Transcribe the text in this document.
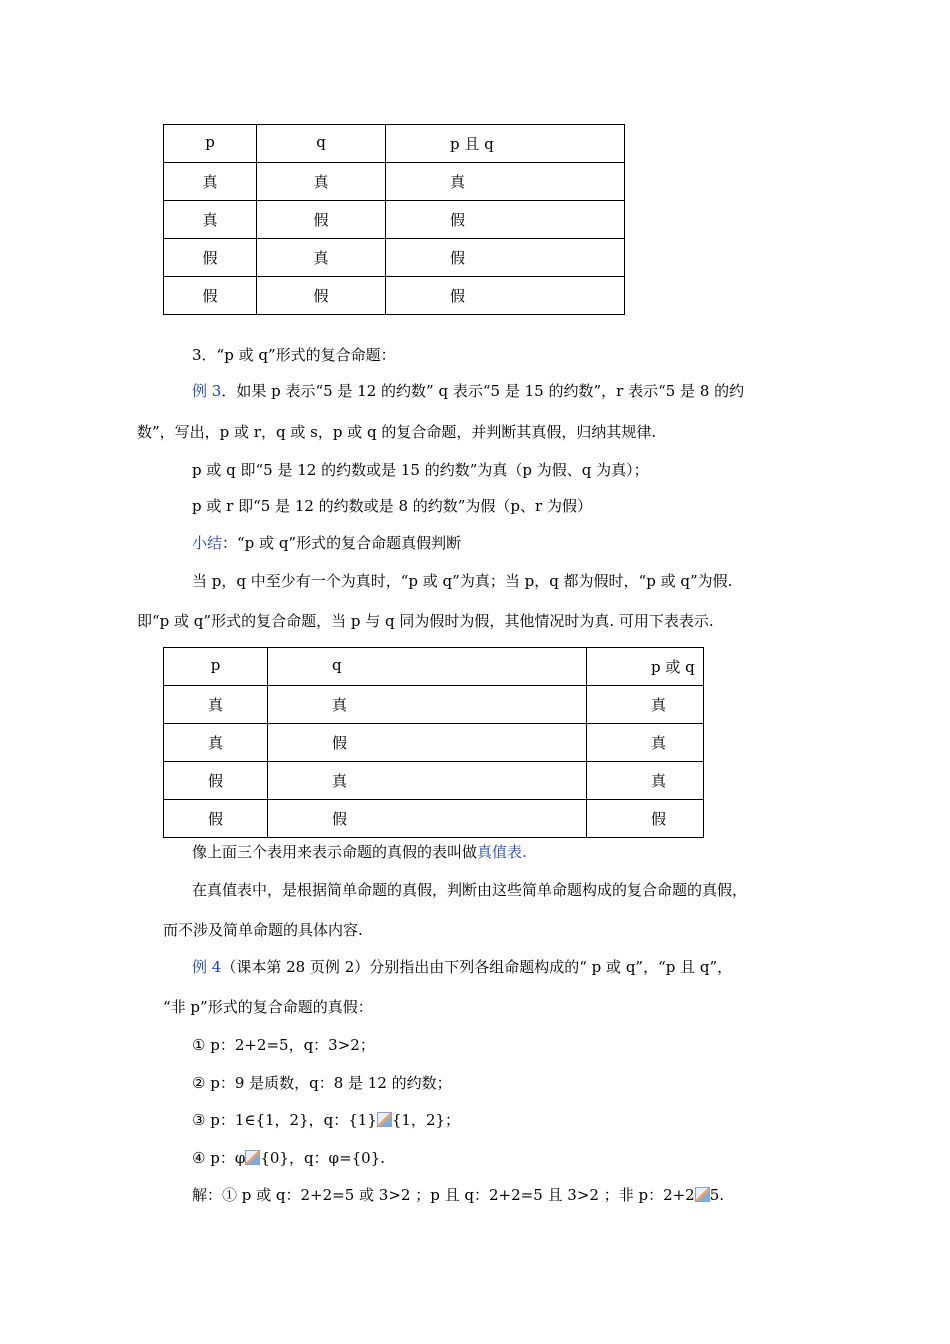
p	q	p 且 q
真	真	真
真	假	假
假	真	假
假	假	假
3．“p 或 q”形式的复合命题：
例 3．如果 p 表示“5 是 12 的约数” q 表示“5 是 15 的约数”，r 表示“5 是 8 的约
数”，写出，p 或 r，q 或 s，p 或 q 的复合命题，并判断其真假，归纳其规律.
p 或 q 即“5 是 12 的约数或是 15 的约数”为真（p 为假、q 为真）；
p 或 r 即“5 是 12 的约数或是 8 的约数”为假（p、r 为假）
小结：“p 或 q”形式的复合命题真假判断
当 p，q 中至少有一个为真时，“p 或 q”为真；当 p，q 都为假时，“p 或 q”为假.
即“p 或 q”形式的复合命题，当 p 与 q 同为假时为假，其他情况时为真. 可用下表表示.
p	q	p 或 q
真	真	真
真	假	真
假	真	真
假	假	假
像上面三个表用来表示命题的真假的表叫做真值表.
在真值表中，是根据简单命题的真假，判断由这些简单命题构成的复合命题的真假，
而不涉及简单命题的具体内容.
例 4（课本第 28 页例 2）分别指出由下列各组命题构成的“ p 或 q”，“p 且 q”，
“非 p”形式的复合命题的真假：
① p：2+2=5，q：3>2；
② p：9 是质数，q：8 是 12 的约数；
③ p：1∈{1，2}，q：{1} {1，2}；
④ p：φ {0}，q：φ={0}.
解：① p 或 q：2+2=5 或 3>2 ；p 且 q：2+2=5 且 3>2 ；非 p：2+2 5.
